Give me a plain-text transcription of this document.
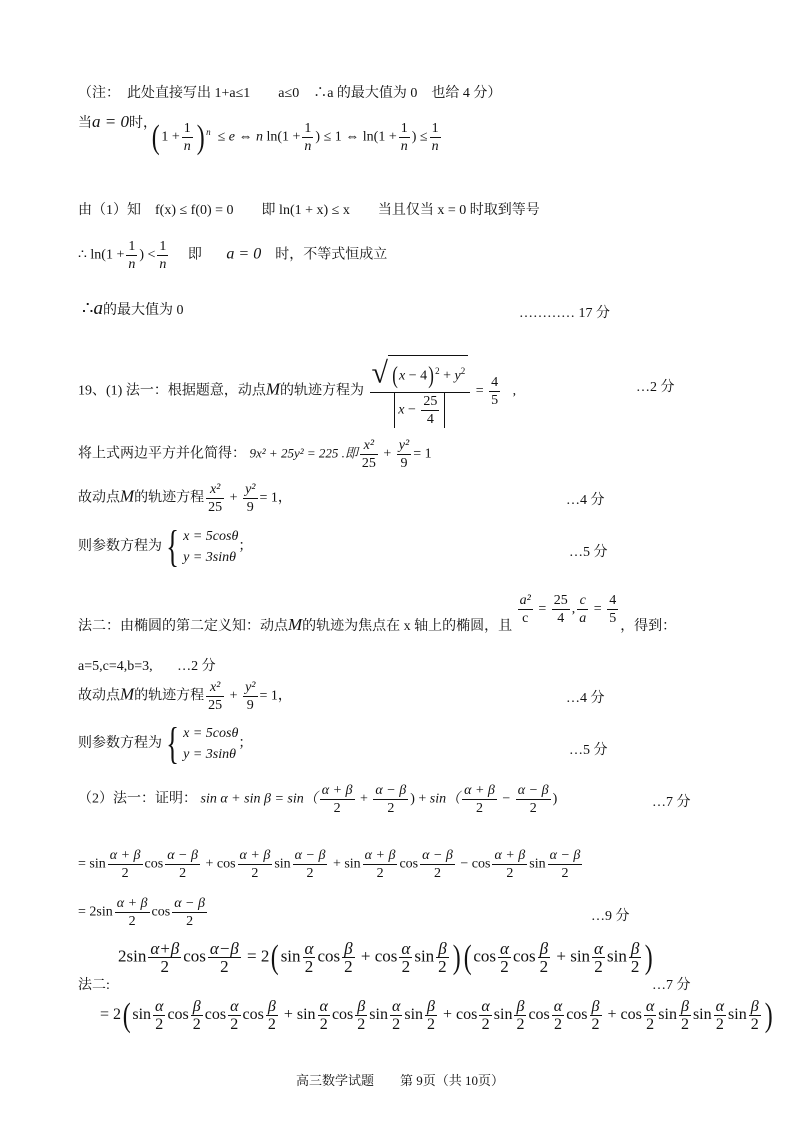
（注：　此处直接写出 1+a≤1　　a≤0　∴a 的最大值为 0　也给 4 分）
当a = 0时，
( $1 + \frac{1}{n}$ ) $^n$  ≤ e ⇔ n $\ln(1 + \frac{1}{n}$ ) ≤ 1 ⇔ $\ln(1 + \frac{1}{n}$ ) ≤ $\frac{1}{n}$
由（1）知　f(x) ≤ f(0) = 0　　即 ln(1 + x) ≤ x　　当且仅当 x = 0 时取到等号
∴ $\ln(1 + \frac{1}{n}$ ) < $\frac{1}{n}$ 即 a = 0 时，不等式恒成立
∴a的最大值为 0	………… 17 分
19、(1) 法一：根据题意，动点M的轨迹方程为 $\frac{√ (x - 4)^2 + y^2}{x - \frac{25}{4}} = \frac{4}{5}$ ,	…2 分
将上式两边平方并化简得： 9x² + 25y² = 225 .即 $\frac{\text{x²}}{25} + \frac{\text{y²}}{9} = 1$
故动点M的轨迹方程 $\frac{\text{x²}}{25} + \frac{\text{y²}}{9} = 1$，	…4 分
则参数方程为{ x = 5cosθ
y = 3sinθ
；	…5 分
法二：由椭圆的第二定义知：动点M的轨迹为焦点在 x 轴上的椭圆，且 $\frac{\text{a²}}{c} = \frac{25}{4}$ , $\frac{c}{a} = \frac{4}{5}$ ，得到：
a=5,c=4,b=3, …2 分
故动点M的轨迹方程 $\frac{\text{x²}}{25} + \frac{\text{y²}}{9} = 1$，	…4 分
则参数方程为{ x = 5cosθ
y = 3sinθ
；	…5 分
（2）法一：证明： $\sin \alpha + \sin \beta = \sin( \frac{\alpha + \beta}{2} + \frac{\alpha - \beta}{2}$ ) + $\sin( \frac{\alpha + \beta}{2} - \frac{\alpha - \beta}{2}$ )	…7 分
= $\sin \frac{\alpha + \beta}{2}$ $\cos \frac{\alpha - \beta}{2} + \cos \frac{\alpha + \beta}{2}$ $\sin \frac{\alpha - \beta}{2} + \sin \frac{\alpha + \beta}{2}$ $\cos \frac{\alpha - \beta}{2} - \cos \frac{\alpha + \beta}{2}$ $\sin \frac{\alpha - \beta}{2}$
= $2\sin \frac{\alpha + \beta}{2}$ $\cos \frac{\alpha - \beta}{2}$	…9 分
$2\sin \frac{\alpha+\beta}{2}$ $\cos \frac{\alpha-\beta}{2} = 2(\sin \frac{\alpha}{2}$ $\cos \frac{\beta}{2} + \cos \frac{\alpha}{2}$ $\sin \frac{\beta}{2} )(\cos \frac{\alpha}{2}$ $\cos \frac{\beta}{2} + \sin \frac{\alpha}{2}$ $\sin \frac{\beta}{2}$ )
法二:	…7 分
= 2( $\sin \frac{\alpha}{2}$ $\cos \frac{\beta}{2}$ $\cos \frac{\alpha}{2}$ $\cos \frac{\beta}{2} + \sin \frac{\alpha}{2}$ $\cos \frac{\beta}{2}$ $\sin \frac{\alpha}{2}$ $\sin \frac{\beta}{2} + \cos \frac{\alpha}{2}$ $\sin \frac{\beta}{2}$ $\cos \frac{\alpha}{2}$ $\cos \frac{\beta}{2} + \cos \frac{\alpha}{2}$ $\sin \frac{\beta}{2}$ $\sin \frac{\alpha}{2}$ $\sin \frac{\beta}{2}$ )
高三数学试题　　第 9页（共 10页）
